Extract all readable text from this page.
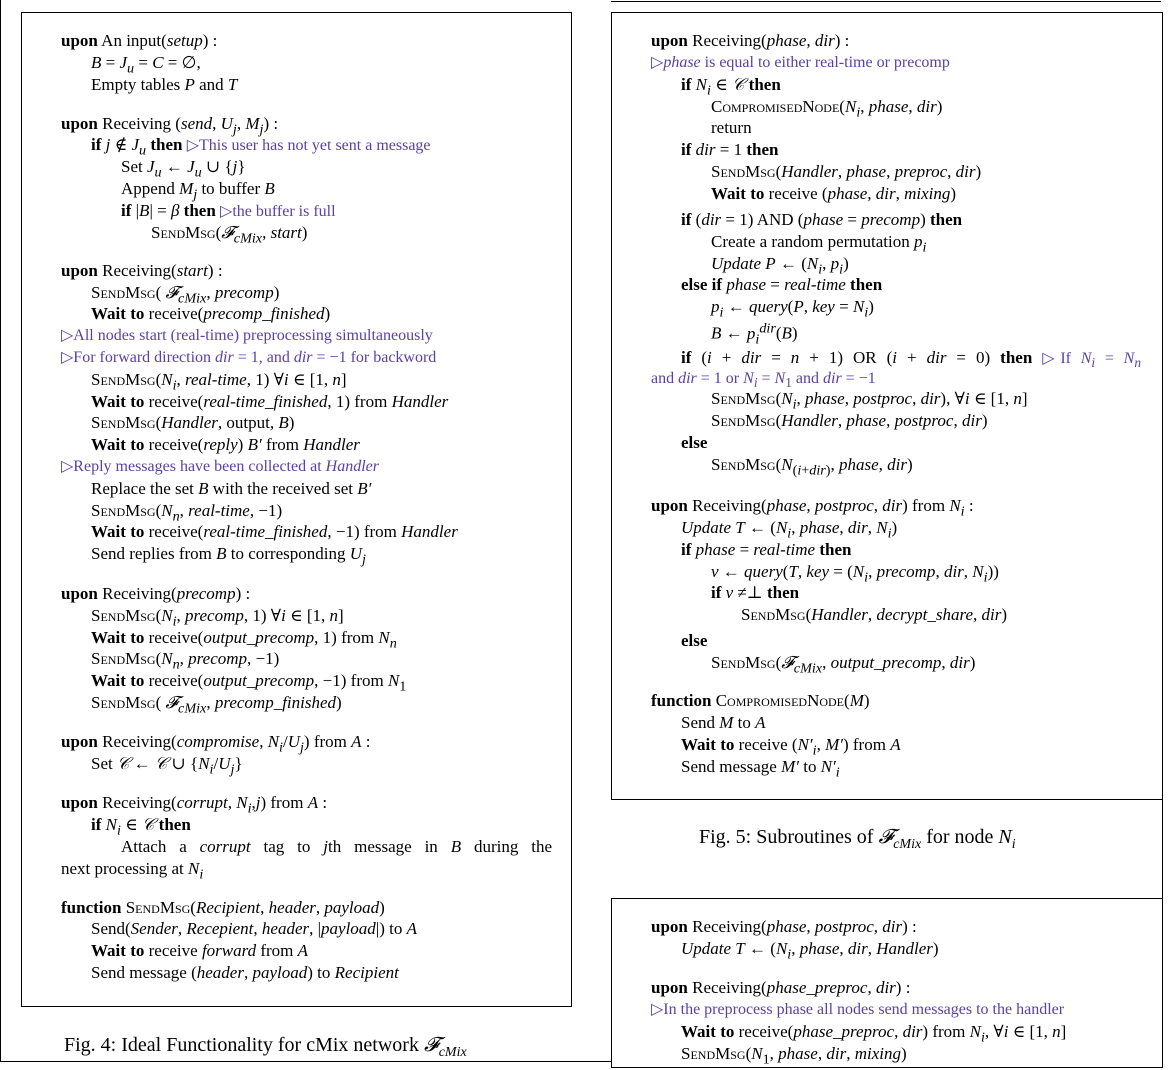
upon An input(setup) :
$B = J_u = C$ = ∅,
Empty tables P and T
upon Receiving (send, $U_j$, $M_j$) :
if j ∉ $J_u$ then ▷This user has not yet sent a message
Set $J_u$ ← $J_u$ ∪ {j}
Append $M_j$ to buffer B
if |B| = β then ▷the buffer is full
SendMsg(𝓕$_{cMix}$, start)
upon Receiving(start) :
SendMsg( 𝓕$_{cMix}$, precomp)
Wait to receive(precomp_finished)
▷All nodes start (real-time) preprocessing simultaneously
▷For forward direction dir = 1, and dir = −1 for backword
$SendMsg(N_i$, real-time, 1) ∀i ∈ [1, n]
Wait to receive(real-time_finished, 1) from Handler
SendMsg(Handler, output, B)
Wait to receive(reply) B′ from Handler
▷Reply messages have been collected at Handler
Replace the set B with the received set B′
$SendMsg(N_n$, real-time, −1)
Wait to receive(real-time_finished, −1) from Handler
Send replies from B to corresponding $U_j$
upon Receiving(precomp) :
$SendMsg(N_i$, precomp, 1) ∀i ∈ [1, n]
Wait to receive(output_precomp, 1) from $N_n$
$SendMsg(N_n$, precomp, −1)
Wait to receive(output_precomp, −1) from $N_1$
SendMsg( 𝓕$_{cMix}$, precomp_finished)
upon Receiving(compromise, $N_i/U_j$) from A :
Set 𝒞 ← 𝒞 ∪ $\{N_i/U_j\}$
upon Receiving(corrupt, $N_i,j$) from A :
if $N_i$ ∈ 𝒞 then
Attach a corrupt tag to jth message in B during the
next processing at $N_i$
function SendMsg(Recipient, header, payload)
Send(Sender, Recepient, header, |payload|) to A
Wait to receive forward from A
Send message (header, payload) to Recipient
Fig. 4: Ideal Functionality for cMix network 𝓕$_{cMix}$
upon Receiving(phase, dir) :
▷phase is equal to either real-time or precomp
if $N_i$ ∈ 𝒞 then
$CompromisedNode(N_i$, phase, dir)
return
if dir = 1 then
SendMsg(Handler, phase, preproc, dir)
Wait to receive (phase, dir, mixing)
if (dir = 1) AND (phase = precomp) then
Create a random permutation $p_i$
Update P ← ($N_i$, $p_i$)
else if phase = real-time then
$p_i$ ← query(P, key = $N_i$)
B ← $p_i^{dir}(B)$
if (i + dir = n + 1) OR (i + dir = 0) then ▷If $N_i = N_n$
and dir = 1 or $N_i = N_1$ and dir = −1
$SendMsg(N_i$, phase, postproc, dir), ∀i ∈ [1, n]
SendMsg(Handler, phase, postproc, dir)
else
$SendMsg(N_{(i+dir)}$, phase, dir)
upon Receiving(phase, postproc, dir) from $N_i$ :
Update T ← ($N_i$, phase, dir, $N_i$)
if phase = real-time then
v ← query(T, key = ($N_i$, precomp, dir, $N_i$))
if v ≠⊥ then
SendMsg(Handler, decrypt_share, dir)
else
SendMsg(𝓕$_{cMix}$, output_precomp, dir)
function CompromisedNode(M)
Send M to A
Wait to receive ($N'_i$, M′) from A
Send message M′ to $N'_i$
Fig. 5: Subroutines of 𝓕$_{cMix}$ for node $N_i$
upon Receiving(phase, postproc, dir) :
Update T ← ($N_i$, phase, dir, Handler)
upon Receiving(phase_preproc, dir) :
▷In the preprocess phase all nodes send messages to the handler
Wait to receive(phase_preproc, dir) from $N_i$, ∀i ∈ [1, n]
$SendMsg(N_1$, phase, dir, mixing)
